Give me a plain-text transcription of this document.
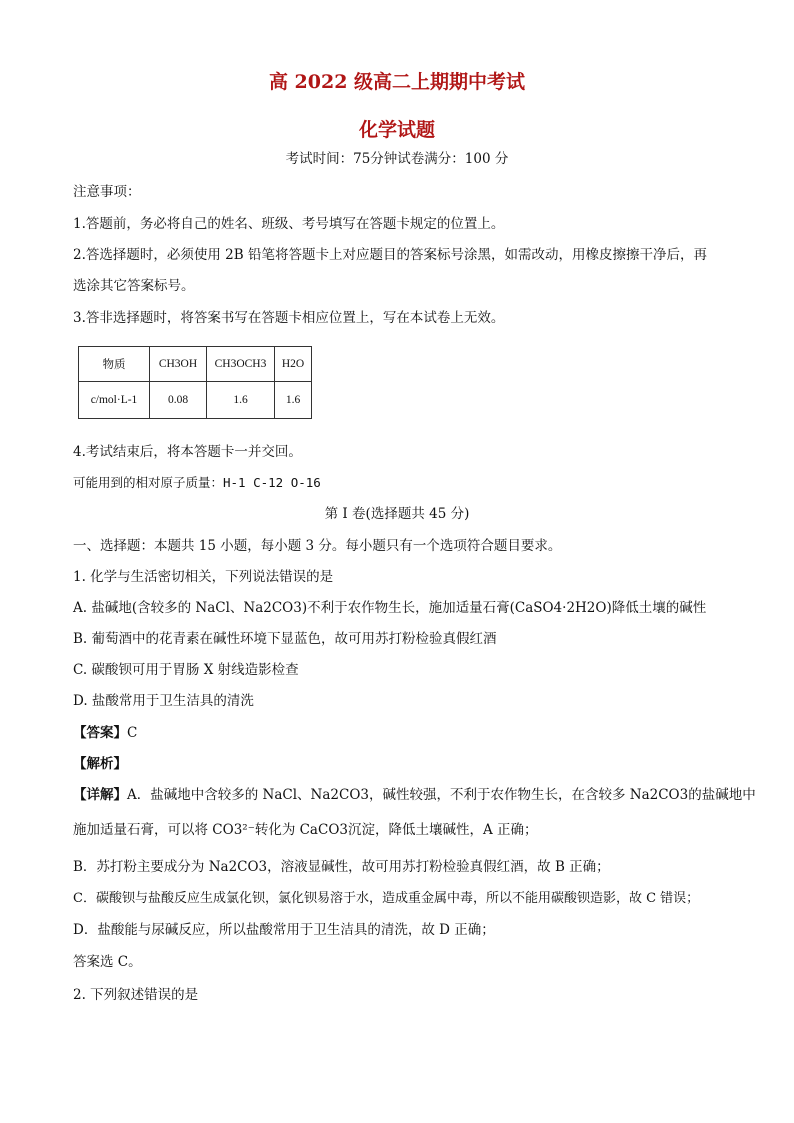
高 2022 级高二上期期中考试
化学试题
考试时间：75分钟试卷满分：100 分
注意事项：
1.答题前，务必将自己的姓名、班级、考号填写在答题卡规定的位置上。
2.答选择题时，必须使用 2B 铅笔将答题卡上对应题目的答案标号涂黑，如需改动，用橡皮擦擦干净后，再
选涂其它答案标号。
3.答非选择题时，将答案书写在答题卡相应位置上，写在本试卷上无效。
物质	CH3OH	CH3OCH3	H2O
c/mol·L-1	0.08	1.6	1.6
4.考试结束后，将本答题卡一并交回。
可能用到的相对原子质量：H-1 C-12 O-16
第 I 卷(选择题共 45 分)
一、选择题：本题共 15 小题，每小题 3 分。每小题只有一个选项符合题目要求。
1. 化学与生活密切相关，下列说法错误的是
A. 盐碱地(含较多的 NaCl、Na2CO3)不利于农作物生长，施加适量石膏(CaSO4·2H2O)降低土壤的碱性
B. 葡萄酒中的花青素在碱性环境下显蓝色，故可用苏打粉检验真假红酒
C. 碳酸钡可用于胃肠 X 射线造影检查
D. 盐酸常用于卫生洁具的清洗
【答案】C
【解析】
【详解】A．盐碱地中含较多的 NaCl、Na2CO3，碱性较强，不利于农作物生长，在含较多 Na2CO3的盐碱地中
施加适量石膏，可以将 CO3²⁻转化为 CaCO3沉淀，降低土壤碱性，A 正确；
B．苏打粉主要成分为 Na2CO3，溶液显碱性，故可用苏打粉检验真假红酒，故 B 正确；
C．碳酸钡与盐酸反应生成氯化钡，氯化钡易溶于水，造成重金属中毒，所以不能用碳酸钡造影，故 C 错误；
D．盐酸能与尿碱反应，所以盐酸常用于卫生洁具的清洗，故 D 正确；
答案选 C。
2. 下列叙述错误的是
